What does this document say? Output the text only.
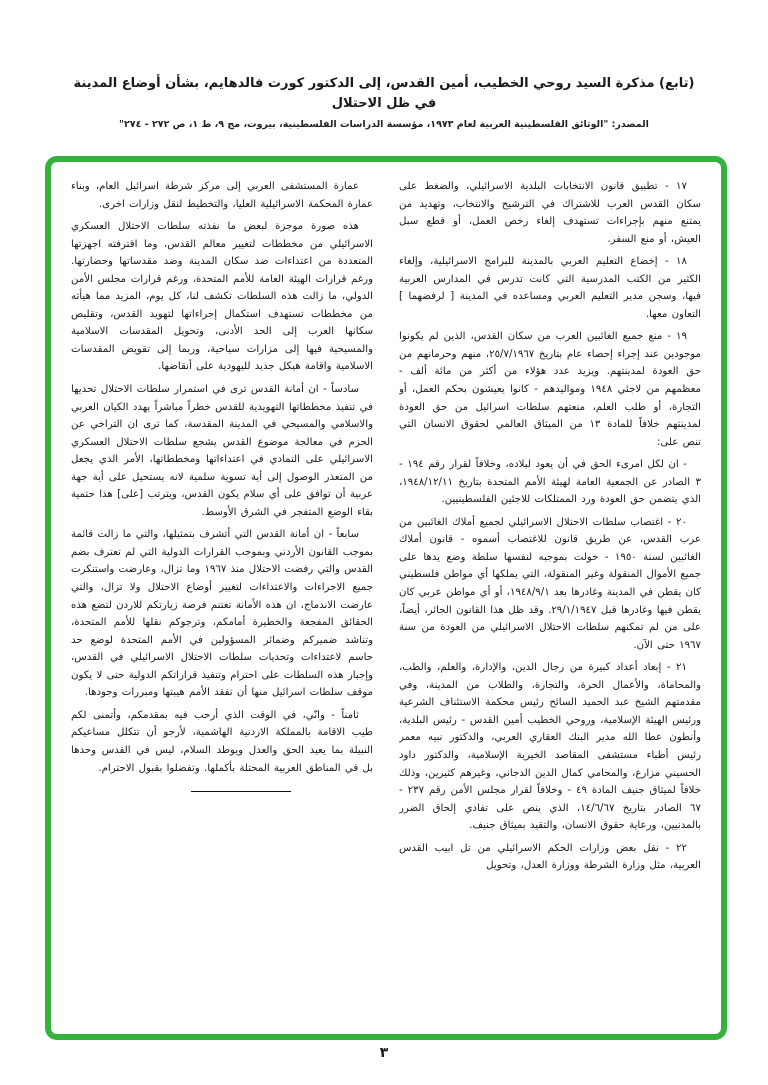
(تابع) مذكرة السيد روحي الخطيب، أمين القدس، إلى الدكتور كورت فالدهايم، بشأن أوضاع المدينة في ظل الاحتلال
المصدر: "الوثائق الفلسطينية العربية لعام ١٩٧٣، مؤسسة الدراسات الفلسطينية، بيروت، مج ٩، ط ١، ص ٢٧٢ - ٢٧٤"

١٧ - تطبيق قانون الانتخابات البلدية الاسرائيلي، والضغط على سكان القدس العرب للاشتراك في الترشيح والانتخاب، وتهديد من يمتنع منهم بإجراءات تستهدف إلغاء رخص العمل، أو قطع سبل العيش، أو منع السفر.

١٨ - إخضاع التعليم العربي بالمدينة للبرامج الاسرائيلية، وإلغاء الكثير من الكتب المدرسية التي كانت تدرس في المدارس العربية فيها، وسجن مدير التعليم العربي ومساعده في المدينة [ لرفضهما ] التعاون معها.

١٩ - منع جميع الغائبين العرب من سكان القدس، الذين لم يكونوا موجودين عند إجراء إحصاء عام بتاريخ ٢٥/٧/١٩٦٧، منهم وحرمانهم من حق العودة لمدينتهم. ويزيد عدد هؤلاء من أكثر من مائة ألف - معظمهم من لاجئي ١٩٤٨ ومواليدهم - كانوا يعيشون بحكم العمل، أو التجارة، أو طلب العلم، منعتهم سلطات اسرائيل من حق العودة لمدينتهم خلافاً للمادة ١٣ من الميثاق العالمي لحقوق الانسان التي تنص على:

- ان لكل امرىء الحق في أن يعود لبلاده، وخلافاً لقرار رقم ١٩٤ - ٣ الصادر عن الجمعية العامة لهيئة الأمم المتحدة بتاريخ ١٩٤٨/١٢/١١، الذي يتضمن حق العودة ورد الممتلكات للاجئين الفلسطينيين.

٢٠ - اغتصاب سلطات الاحتلال الاسرائيلي لجميع أملاك الغائبين من عرب القدس، عن طريق قانون للاغتصاب أسموه - قانون أملاك الغائبين لسنة ١٩٥٠ - خولت بموجبه لنفسها سلطة وضع يدها على جميع الأموال المنقولة وغير المنقولة، التي يملكها أي مواطن فلسطيني كان يقطن في المدينة وغادرها بعد ١٩٤٨/٩/١، أو أي مواطن عربي كان يقطن فيها وغادرها قبل ٢٩/١/١٩٤٧. وقد ظل هذا القانون الجائر، أيضاً، على من لم تمكنهم سلطات الاحتلال الاسرائيلي من العودة من سنة ١٩٦٧ حتى الآن.

٢١ - إبعاد أعداد كبيرة من رجال الدين، والإدارة، والعلم، والطب، والمحاماة، والأعمال الحرة، والتجارة، والطلاب من المدينة، وفي مقدمتهم الشيخ عبد الحميد السائح رئيس محكمة الاستئناف الشرعية ورئيس الهيئة الإسلامية، وروحي الخطيب أمين القدس - رئيس البلدية، وأنطون عطا الله مدير البنك العقاري العربي، والدكتور نبيه معمر رئيس أطباء مستشفى المقاصد الخيرية الإسلامية، والدكتور داود الحسيني مزارع، والمحامي كمال الدين الدجاني، وغيرهم كثيرين، وذلك خلافاً لميثاق جنيف المادة ٤٩ - وخلافاً لقرار مجلس الأمن رقم ٢٣٧ - ٦٧ الصادر بتاريخ ١٤/٦/٦٧، الذي ينص على تفادي إلحاق الضرر بالمدنيين، ورعاية حقوق الانسان، والتقيد بميثاق جنيف.

٢٢ - نقل بعض وزارات الحكم الاسرائيلي من تل ابيب القدس العربية، مثل وزارة الشرطة ووزارة العدل، وتحويل

عمارة المستشفى العربي إلى مركز شرطة اسرائيل العام، وبناء عمارة المحكمة الاسرائيلية العليا، والتخطيط لنقل وزارات اخرى.

هذه صورة موجزة لبعض ما نفذته سلطات الاحتلال العسكري الاسرائيلي من مخططات لتغيير معالم القدس، وما اقترفته اجهزتها المتعددة من اعتداءات ضد سكان المدينة وضد مقدساتها وحضارتها. ورغم قرارات الهيئة العامة للأمم المتحدة، ورغم قرارات مجلس الأمن الدولي، ما زالت هذه السلطات تكشف لنا، كل يوم، المزيد مما هيأته من مخططات تستهدف استكمال إجراءاتها لتهويد القدس، وتقليص سكانها العرب إلى الحد الأدنى، وتحويل المقدسات الاسلامية والمسيحية فيها إلى مزارات سياحية، وربما إلى تقويض المقدسات الاسلامية واقامة هيكل جديد لليهودية على أنقاضها.

سادساً - ان أمانة القدس ترى في استمرار سلطات الاحتلال تحديها في تنفيذ مخططاتها التهويدية للقدس خطراً مباشراً يهدد الكيان العربي والاسلامي والمسيحي في المدينة المقدسة، كما ترى ان التراخي عن الحزم في معالجة موضوع القدس يشجع سلطات الاحتلال العسكري الاسرائيلي على التمادي في اعتداءاتها ومخططاتها، الأمر الذي يجعل من المتعذر الوصول إلى أية تسوية سلمية لانه يستحيل على أية جهة عربية أن توافق على أي سلام يكون القدس، ويترتب [على] هذا حتمية بقاء الوضع المتفجر في الشرق الأوسط.

سابعاً - ان أمانة القدس التي أتشرف بتمثيلها، والتي ما زالت قائمة بموجب القانون الأردني وبموجب القرارات الدولية التي لم تعترف بضم القدس والتي رفضت الاحتلال منذ ١٩٦٧ وما تزال، وعارضت واستنكرت جميع الاجراءات والاعتداءات لتغيير أوضاع الاحتلال ولا تزال، والتي عارضت الاندماج، ان هذه الأمانة تغتنم فرصة زيارتكم للاردن لتضع هذه الحقائق المفجعة والخطيرة أمامكم، وترجوكم نقلها للأمم المتحدة، وتناشد ضميركم وضمائر المسؤولين في الأمم المتحدة لوضع حد حاسم لاعتداءات وتحديات سلطات الاحتلال الاسرائيلي في القدس، وإجبار هذه السلطات على احترام وتنفيذ قراراتكم الدولية حتى لا يكون موقف سلطات اسرائيل منها أن تفقد الأمم هيبتها ومبررات وجودها.

ثامناً - وانّي، في الوقت الذي أرحب فيه بمقدمكم، وأتمنى لكم طيب الاقامة بالمملكة الاردنية الهاشمية، لأرجو أن تتكلل مساعيكم النبيلة بما يعيد الحق والعدل ويوطد السلام، ليس في القدس وحدها بل في المناطق العربية المحتلة بأكملها. وتفضلوا بقبول الاحترام.

٣
